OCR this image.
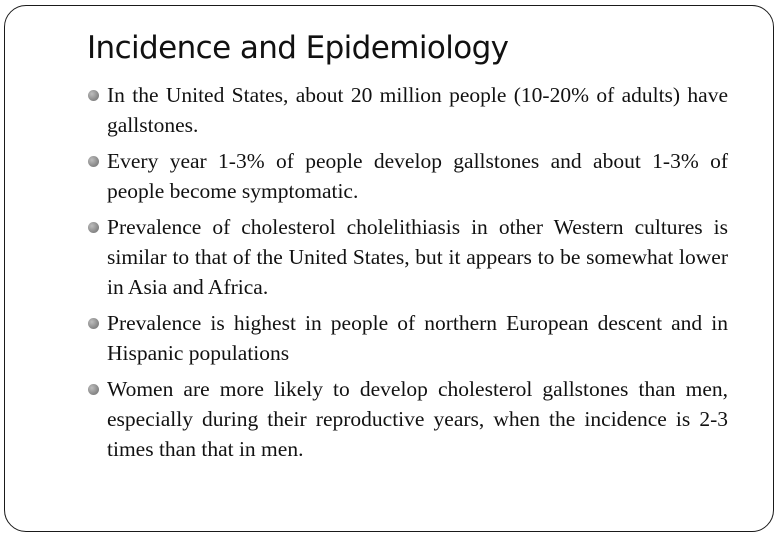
Incidence and Epidemiology
In the United States, about 20 million people (10-20% of adults) have gallstones.
Every year 1-3% of people develop gallstones and about 1-3% of people become symptomatic.
Prevalence of cholesterol cholelithiasis in other Western cultures is similar to that of the United States, but it appears to be somewhat lower in Asia and Africa.
Prevalence is highest in people of northern European descent and in Hispanic populations
Women are more likely to develop cholesterol gallstones than men, especially during their reproductive years, when the incidence is 2-3 times than that in men.
